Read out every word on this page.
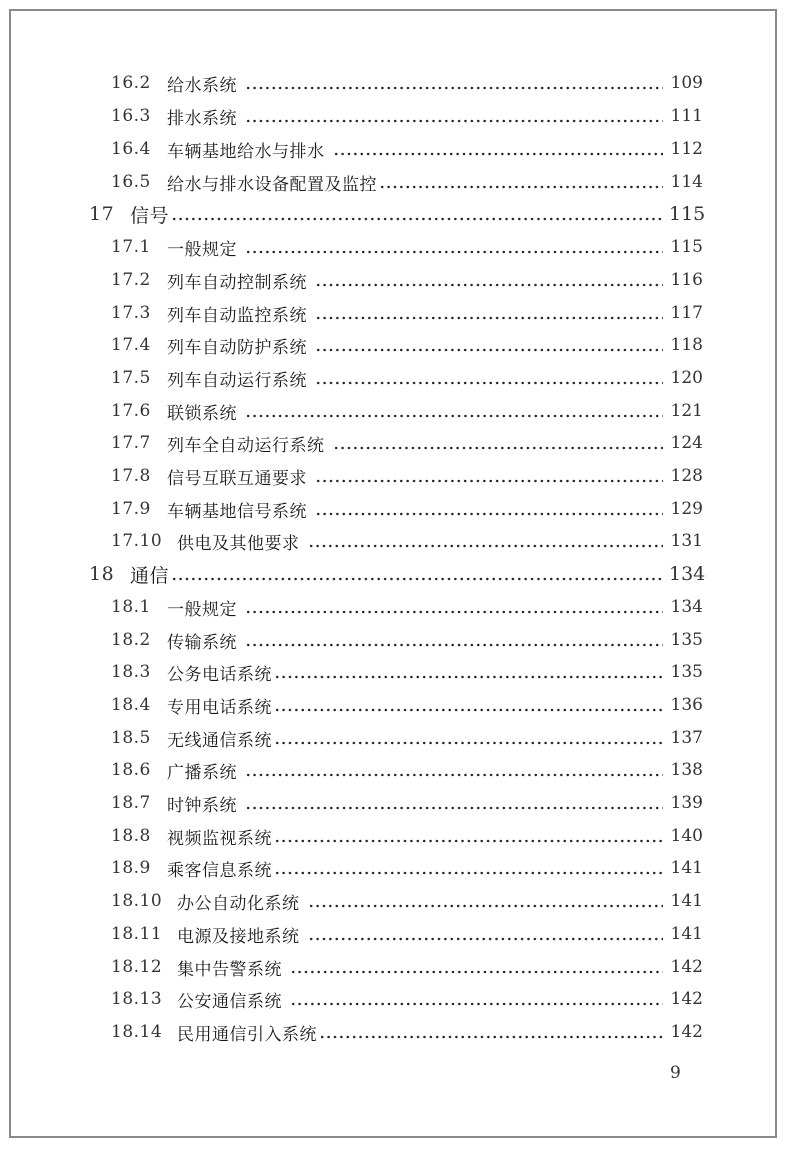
16.2 给水系统	109
16.3 排水系统	111
16.4 车辆基地给水与排水	112
16.5 给水与排水设备配置及监控	114
17 信号	115
17.1 一般规定	115
17.2 列车自动控制系统	116
17.3 列车自动监控系统	117
17.4 列车自动防护系统	118
17.5 列车自动运行系统	120
17.6 联锁系统	121
17.7 列车全自动运行系统	124
17.8 信号互联互通要求	128
17.9 车辆基地信号系统	129
17.10 供电及其他要求	131
18 通信	134
18.1 一般规定	134
18.2 传输系统	135
18.3 公务电话系统	135
18.4 专用电话系统	136
18.5 无线通信系统	137
18.6 广播系统	138
18.7 时钟系统	139
18.8 视频监视系统	140
18.9 乘客信息系统	141
18.10 办公自动化系统	141
18.11 电源及接地系统	141
18.12 集中告警系统	142
18.13 公安通信系统	142
18.14 民用通信引入系统	142
9
